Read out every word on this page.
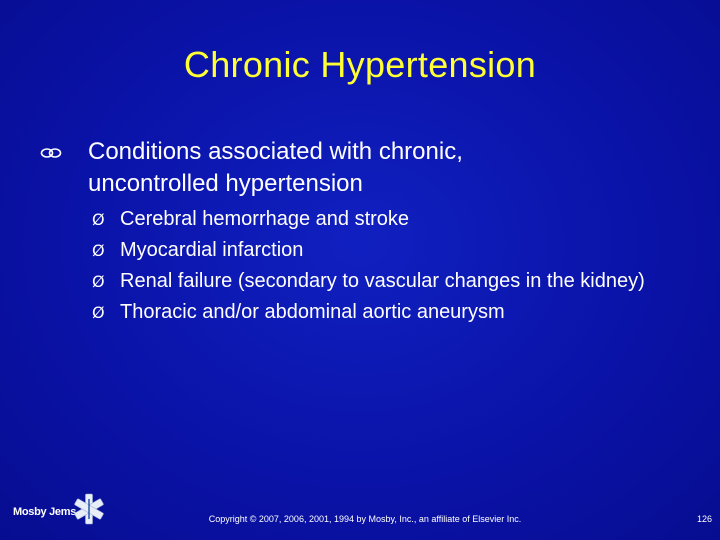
Chronic Hypertension
Conditions associated with chronic,
uncontrolled hypertension
Ø Cerebral hemorrhage and stroke
Ø Myocardial infarction
Ø Renal failure (secondary to vascular changes in the kidney)
Ø Thoracic and/or abdominal aortic aneurysm
Mosby Jems
Copyright © 2007, 2006, 2001, 1994 by Mosby, Inc., an affiliate of Elsevier Inc.	126
